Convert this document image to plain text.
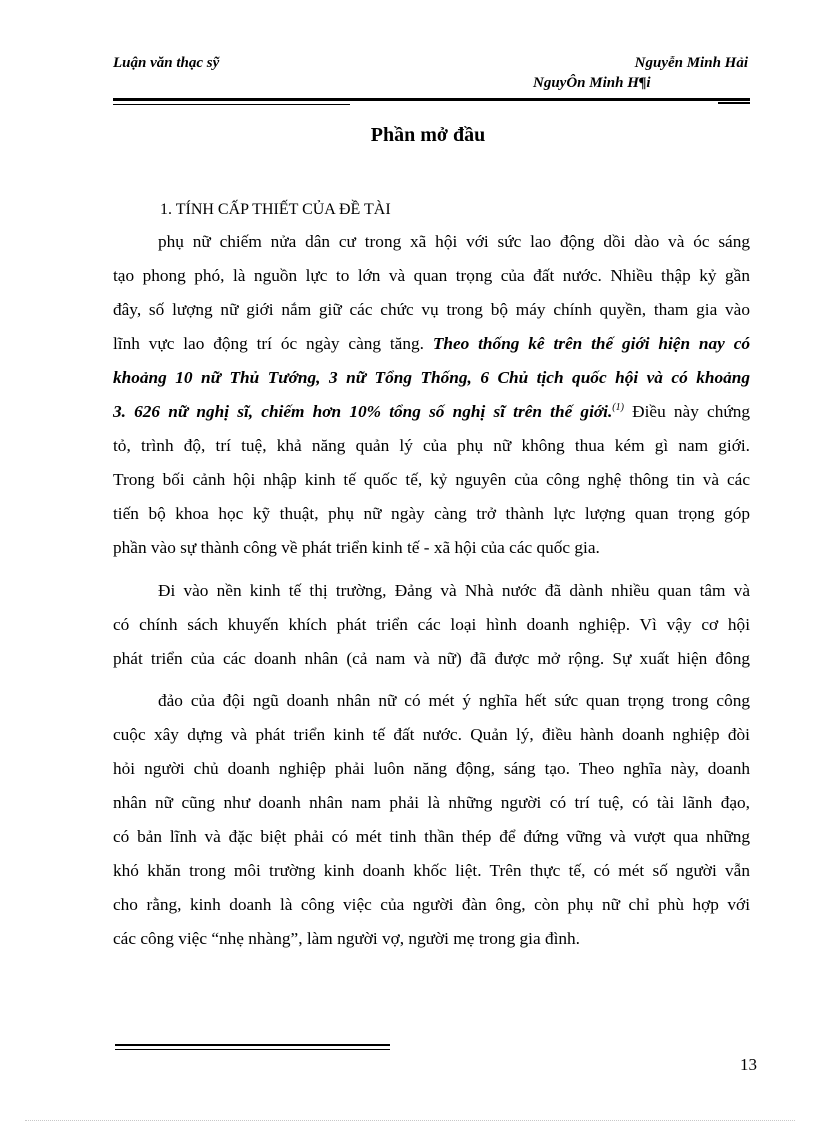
Luận văn thạc sỹ	Nguyễn Minh Hải
NguyÔn Minh H¶i
Phần mở đầu
1. TÍNH CẤP THIẾT CỦA ĐỀ TÀI
phụ nữ chiếm nửa dân cư trong xã hội với sức lao động dồi dào và óc sáng
tạo phong phó, là nguồn lực to lớn và quan trọng của đất nước. Nhiều thập kỷ gần
đây, số lượng nữ giới nắm giữ các chức vụ trong bộ máy chính quyền, tham gia vào
lĩnh vực lao động trí óc ngày càng tăng. Theo thống kê trên thế giới hiện nay có
khoảng 10 nữ Thủ Tướng, 3 nữ Tổng Thống, 6 Chủ tịch quốc hội và có khoảng
3. 626 nữ nghị sĩ, chiếm hơn 10% tổng số nghị sĩ trên thế giới.$^{(1)}$ Điều này chứng
tỏ, trình độ, trí tuệ, khả năng quản lý của phụ nữ không thua kém gì nam giới.
Trong bối cảnh hội nhập kinh tế quốc tế, kỷ nguyên của công nghệ thông tin và các
tiến bộ khoa học kỹ thuật, phụ nữ ngày càng trở thành lực lượng quan trọng góp
phần vào sự thành công về phát triển kinh tế - xã hội của các quốc gia.
Đi vào nền kinh tế thị trường, Đảng và Nhà nước đã dành nhiều quan tâm và
có chính sách khuyến khích phát triển các loại hình doanh nghiệp. Vì vậy cơ hội
phát triển của các doanh nhân (cả nam và nữ) đã được mở rộng. Sự xuất hiện đông
đảo của đội ngũ doanh nhân nữ có mét ý nghĩa hết sức quan trọng trong công
cuộc xây dựng và phát triển kinh tế đất nước. Quản lý, điều hành doanh nghiệp đòi
hỏi người chủ doanh nghiệp phải luôn năng động, sáng tạo. Theo nghĩa này, doanh
nhân nữ cũng như doanh nhân nam phải là những người có trí tuệ, có tài lãnh đạo,
có bản lĩnh và đặc biệt phải có mét tinh thần thép để đứng vững và vượt qua những
khó khăn trong môi trường kinh doanh khốc liệt. Trên thực tế, có mét số người vẫn
cho rằng, kinh doanh là công việc của người đàn ông, còn phụ nữ chỉ phù hợp với
các công việc “nhẹ nhàng”, làm người vợ, người mẹ trong gia đình.
13
